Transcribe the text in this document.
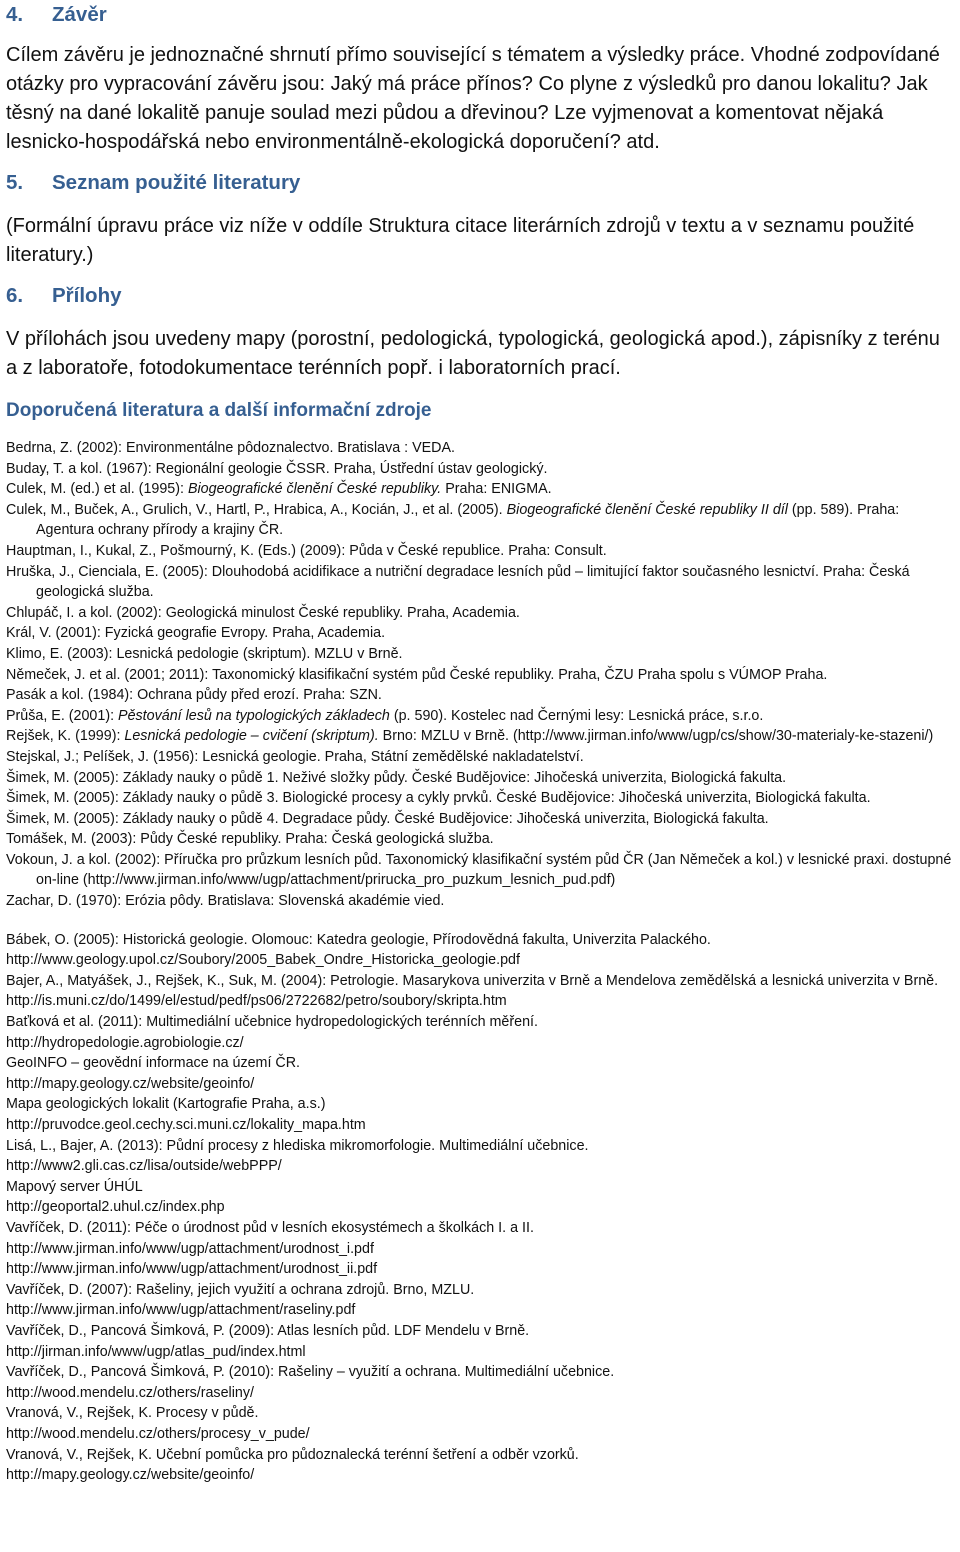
4. Závěr

Cílem závěru je jednoznačné shrnutí přímo související s tématem a výsledky práce. Vhodné zodpovídané otázky pro vypracování závěru jsou: Jaký má práce přínos? Co plyne z výsledků pro danou lokalitu? Jak těsný na dané lokalitě panuje soulad mezi půdou a dřevinou? Lze vyjmenovat a komentovat nějaká lesnicko-hospodářská nebo environmentálně-ekologická doporučení? atd.

5. Seznam použité literatury

(Formální úpravu práce viz níže v oddíle Struktura citace literárních zdrojů v textu a v seznamu použité literatury.)

6. Přílohy

V přílohách jsou uvedeny mapy (porostní, pedologická, typologická, geologická apod.), zápisníky z terénu a z laboratoře, fotodokumentace terénních popř. i laboratorních prací.

Doporučená literatura a další informační zdroje
Bedrna, Z. (2002): Environmentálne pôdoznalectvo. Bratislava : VEDA.
Buday, T. a kol. (1967): Regionální geologie ČSSR. Praha, Ústřední ústav geologický.
Culek, M. (ed.) et al. (1995): Biogeografické členění České republiky. Praha: ENIGMA.
Culek, M., Buček, A., Grulich, V., Hartl, P., Hrabica, A., Kocián, J., et al. (2005). Biogeografické členění České republiky II díl (pp. 589). Praha: Agentura ochrany přírody a krajiny ČR.
Hauptman, I., Kukal, Z., Pošmourný, K. (Eds.) (2009): Půda v České republice. Praha: Consult.
Hruška, J., Cienciala, E. (2005): Dlouhodobá acidifikace a nutriční degradace lesních půd – limitující faktor současného lesnictví. Praha: Česká geologická služba.
Chlupáč, I. a kol. (2002): Geologická minulost České republiky. Praha, Academia.
Král, V. (2001): Fyzická geografie Evropy. Praha, Academia.
Klimo, E. (2003): Lesnická pedologie (skriptum). MZLU v Brně.
Němeček, J. et al. (2001; 2011): Taxonomický klasifikační systém půd České republiky. Praha, ČZU Praha spolu s VÚMOP Praha.
Pasák a kol. (1984): Ochrana půdy před erozí. Praha: SZN.
Průša, E. (2001): Pěstování lesů na typologických základech (p. 590). Kostelec nad Černými lesy: Lesnická práce, s.r.o.
Rejšek, K. (1999): Lesnická pedologie – cvičení (skriptum). Brno: MZLU v Brně. (http://www.jirman.info/www/ugp/cs/show/30-materialy-ke-stazeni/)
Stejskal, J.; Pelíšek, J. (1956): Lesnická geologie. Praha, Státní zemědělské nakladatelství.
Šimek, M. (2005): Základy nauky o půdě 1. Neživé složky půdy. České Budějovice: Jihočeská univerzita, Biologická fakulta.
Šimek, M. (2005): Základy nauky o půdě 3. Biologické procesy a cykly prvků. České Budějovice: Jihočeská univerzita, Biologická fakulta.
Šimek, M. (2005): Základy nauky o půdě 4. Degradace půdy. České Budějovice: Jihočeská univerzita, Biologická fakulta.
Tomášek, M. (2003): Půdy České republiky. Praha: Česká geologická služba.
Vokoun, J. a kol. (2002): Příručka pro průzkum lesních půd. Taxonomický klasifikační systém půd ČR (Jan Němeček a kol.) v lesnické praxi. dostupné on-line (http://www.jirman.info/www/ugp/attachment/prirucka_pro_puzkum_lesnich_pud.pdf)
Zachar, D. (1970): Erózia pôdy. Bratislava: Slovenská akadémie vied.
Bábek, O. (2005): Historická geologie. Olomouc: Katedra geologie, Přírodovědná fakulta, Univerzita Palackého.
http://www.geology.upol.cz/Soubory/2005_Babek_Ondre_Historicka_geologie.pdf
Bajer, A., Matyášek, J., Rejšek, K., Suk, M. (2004): Petrologie. Masarykova univerzita v Brně a Mendelova zemědělská a lesnická univerzita v Brně.
http://is.muni.cz/do/1499/el/estud/pedf/ps06/2722682/petro/soubory/skripta.htm
Baťková et al. (2011): Multimediální učebnice hydropedologických terénních měření.
http://hydropedologie.agrobiologie.cz/
GeoINFO – geovědní informace na území ČR.
http://mapy.geology.cz/website/geoinfo/
Mapa geologických lokalit (Kartografie Praha, a.s.)
http://pruvodce.geol.cechy.sci.muni.cz/lokality_mapa.htm
Lisá, L., Bajer, A. (2013): Půdní procesy z hlediska mikromorfologie. Multimediální učebnice.
http://www2.gli.cas.cz/lisa/outside/webPPP/
Mapový server ÚHÚL
http://geoportal2.uhul.cz/index.php
Vavříček, D. (2011): Péče o úrodnost půd v lesních ekosystémech a školkách I. a II.
http://www.jirman.info/www/ugp/attachment/urodnost_i.pdf
http://www.jirman.info/www/ugp/attachment/urodnost_ii.pdf
Vavříček, D. (2007): Rašeliny, jejich využití a ochrana zdrojů. Brno, MZLU.
http://www.jirman.info/www/ugp/attachment/raseliny.pdf
Vavříček, D., Pancová Šimková, P. (2009): Atlas lesních půd. LDF Mendelu v Brně.
http://jirman.info/www/ugp/atlas_pud/index.html
Vavříček, D., Pancová Šimková, P. (2010): Rašeliny – využití a ochrana. Multimediální učebnice.
http://wood.mendelu.cz/others/raseliny/
Vranová, V., Rejšek, K. Procesy v půdě.
http://wood.mendelu.cz/others/procesy_v_pude/
Vranová, V., Rejšek, K. Učební pomůcka pro půdoznalecká terénní šetření a odběr vzorků.
http://mapy.geology.cz/website/geoinfo/
